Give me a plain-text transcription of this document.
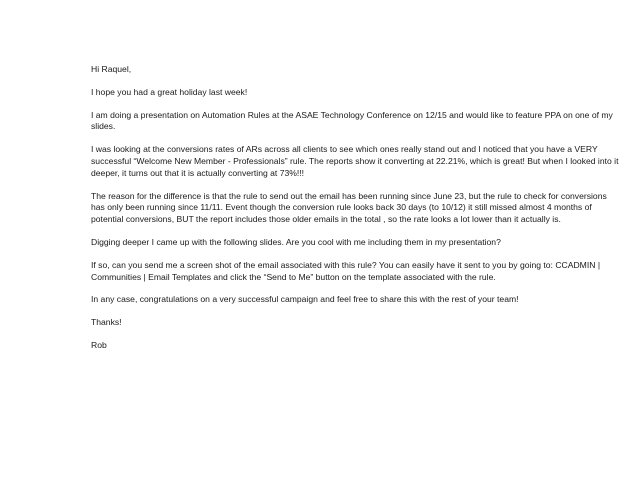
Hi Raquel,

I hope you had a great holiday last week!

I am doing a presentation on Automation Rules at the ASAE Technology Conference on 12/15 and would like to feature PPA on one of my slides.

I was looking at the conversions rates of ARs across all clients to see which ones really stand out and I noticed that you have a VERY successful “Welcome New Member - Professionals” rule. The reports show it converting at 22.21%, which is great! But when I looked into it deeper, it turns out that it is actually converting at 73%!!!

The reason for the difference is that the rule to send out the email has been running since June 23, but the rule to check for conversions has only been running since 11/11. Event though the conversion rule looks back 30 days (to 10/12) it still missed almost 4 months of potential conversions, BUT the report includes those older emails in the total , so the rate looks a lot lower than it actually is.

Digging deeper I came up with the following slides. Are you cool with me including them in my presentation?

If so, can you send me a screen shot of the email associated with this rule? You can easily have it sent to you by going to: CCADMIN | Communities | Email Templates and click the “Send to Me” button on the template associated with the rule.

In any case, congratulations on a very successful campaign and feel free to share this with the rest of your team!

Thanks!

Rob
